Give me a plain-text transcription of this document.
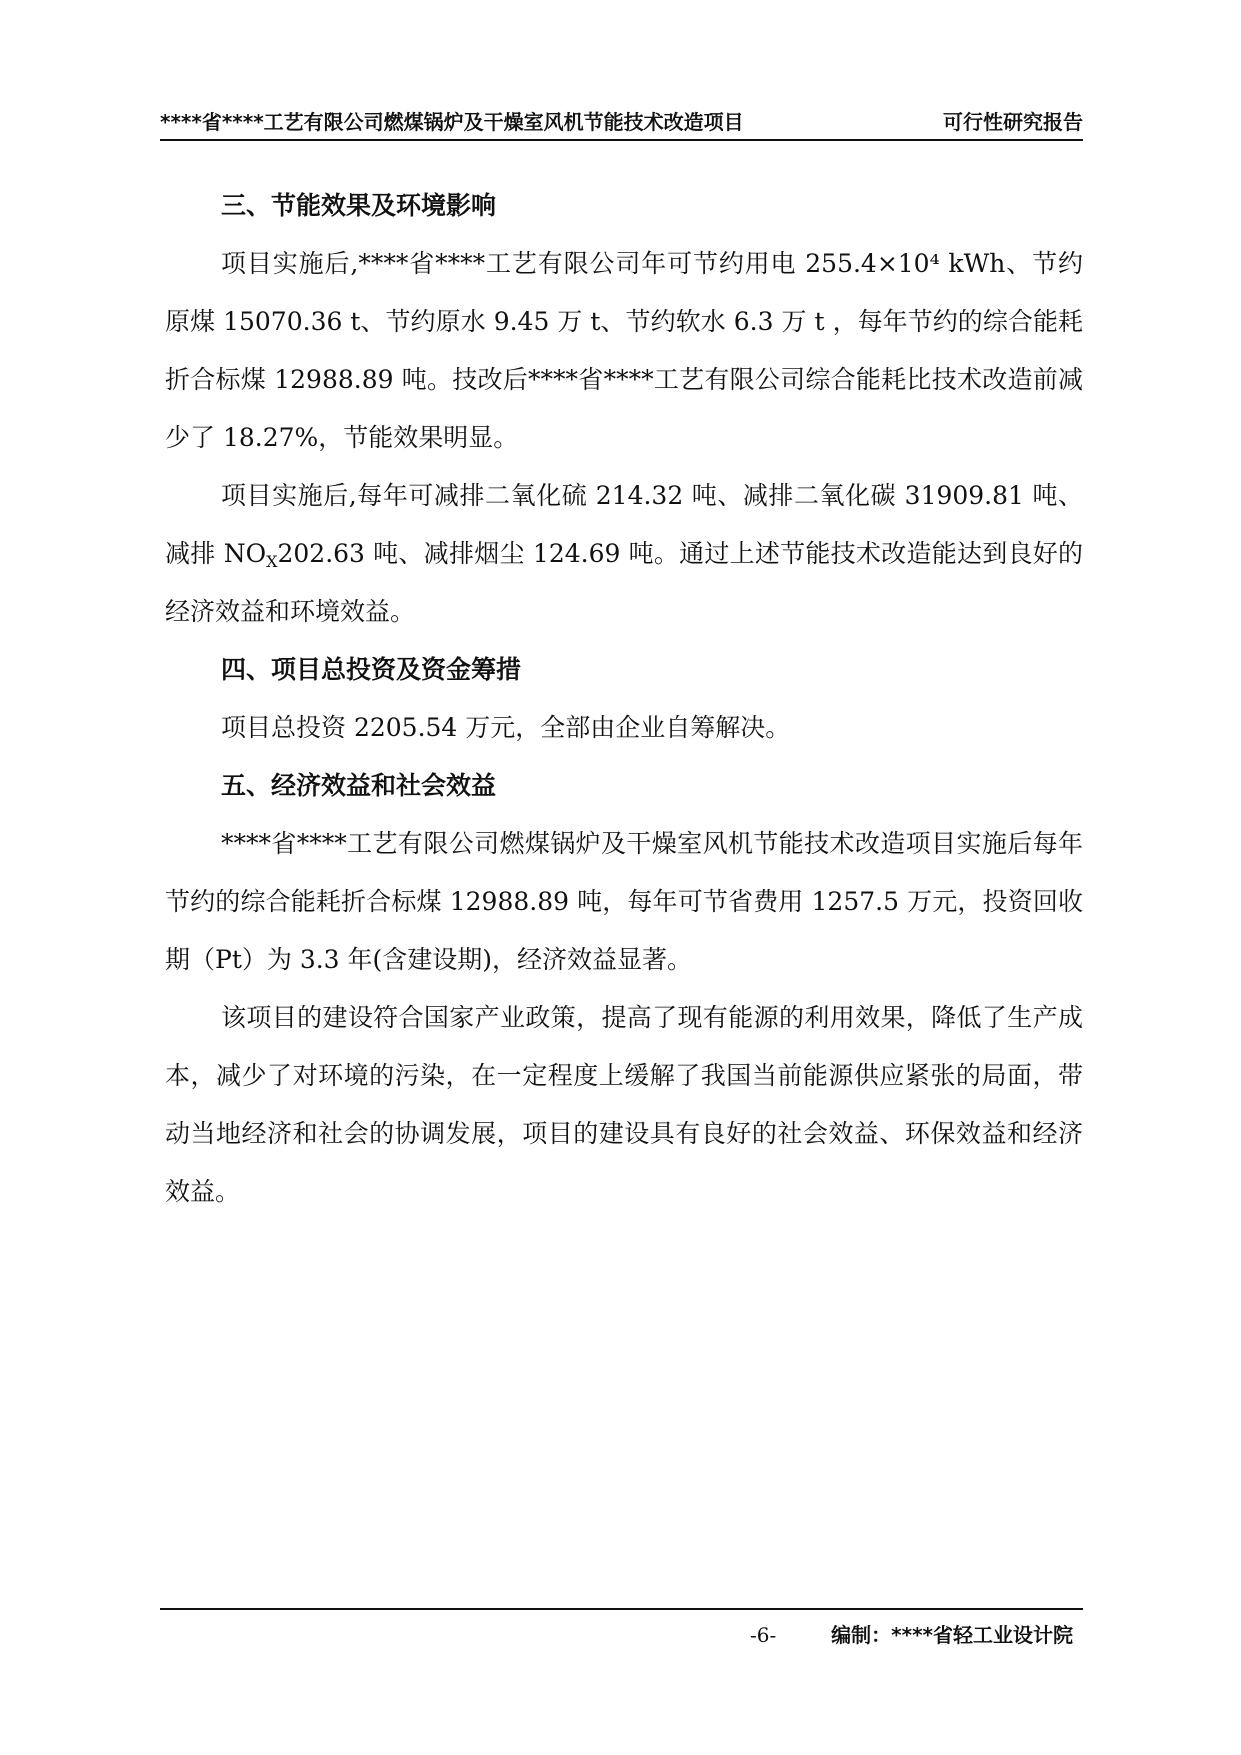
****省****工艺有限公司燃煤锅炉及干燥室风机节能技术改造项目	可行性研究报告
三、节能效果及环境影响

项目实施后,****省****工艺有限公司年可节约用电 255.4×10⁴ kWh、节约原煤 15070.36 t、节约原水 9.45 万 t、节约软水 6.3 万 t ，每年节约的综合能耗折合标煤 12988.89 吨。技改后****省****工艺有限公司综合能耗比技术改造前减少了 18.27%，节能效果明显。

项目实施后,每年可减排二氧化硫 214.32 吨、减排二氧化碳 31909.81 吨、减排 $NO_X202.63$ 吨、减排烟尘 124.69 吨。通过上述节能技术改造能达到良好的经济效益和环境效益。

四、项目总投资及资金筹措

项目总投资 2205.54 万元，全部由企业自筹解决。

五、经济效益和社会效益

****省****工艺有限公司燃煤锅炉及干燥室风机节能技术改造项目实施后每年节约的综合能耗折合标煤 12988.89 吨，每年可节省费用 1257.5 万元，投资回收期（Pt）为 3.3 年(含建设期)，经济效益显著。

该项目的建设符合国家产业政策，提高了现有能源的利用效果，降低了生产成本，减少了对环境的污染，在一定程度上缓解了我国当前能源供应紧张的局面，带动当地经济和社会的协调发展，项目的建设具有良好的社会效益、环保效益和经济效益。

-6-	编制：****省轻工业设计院
